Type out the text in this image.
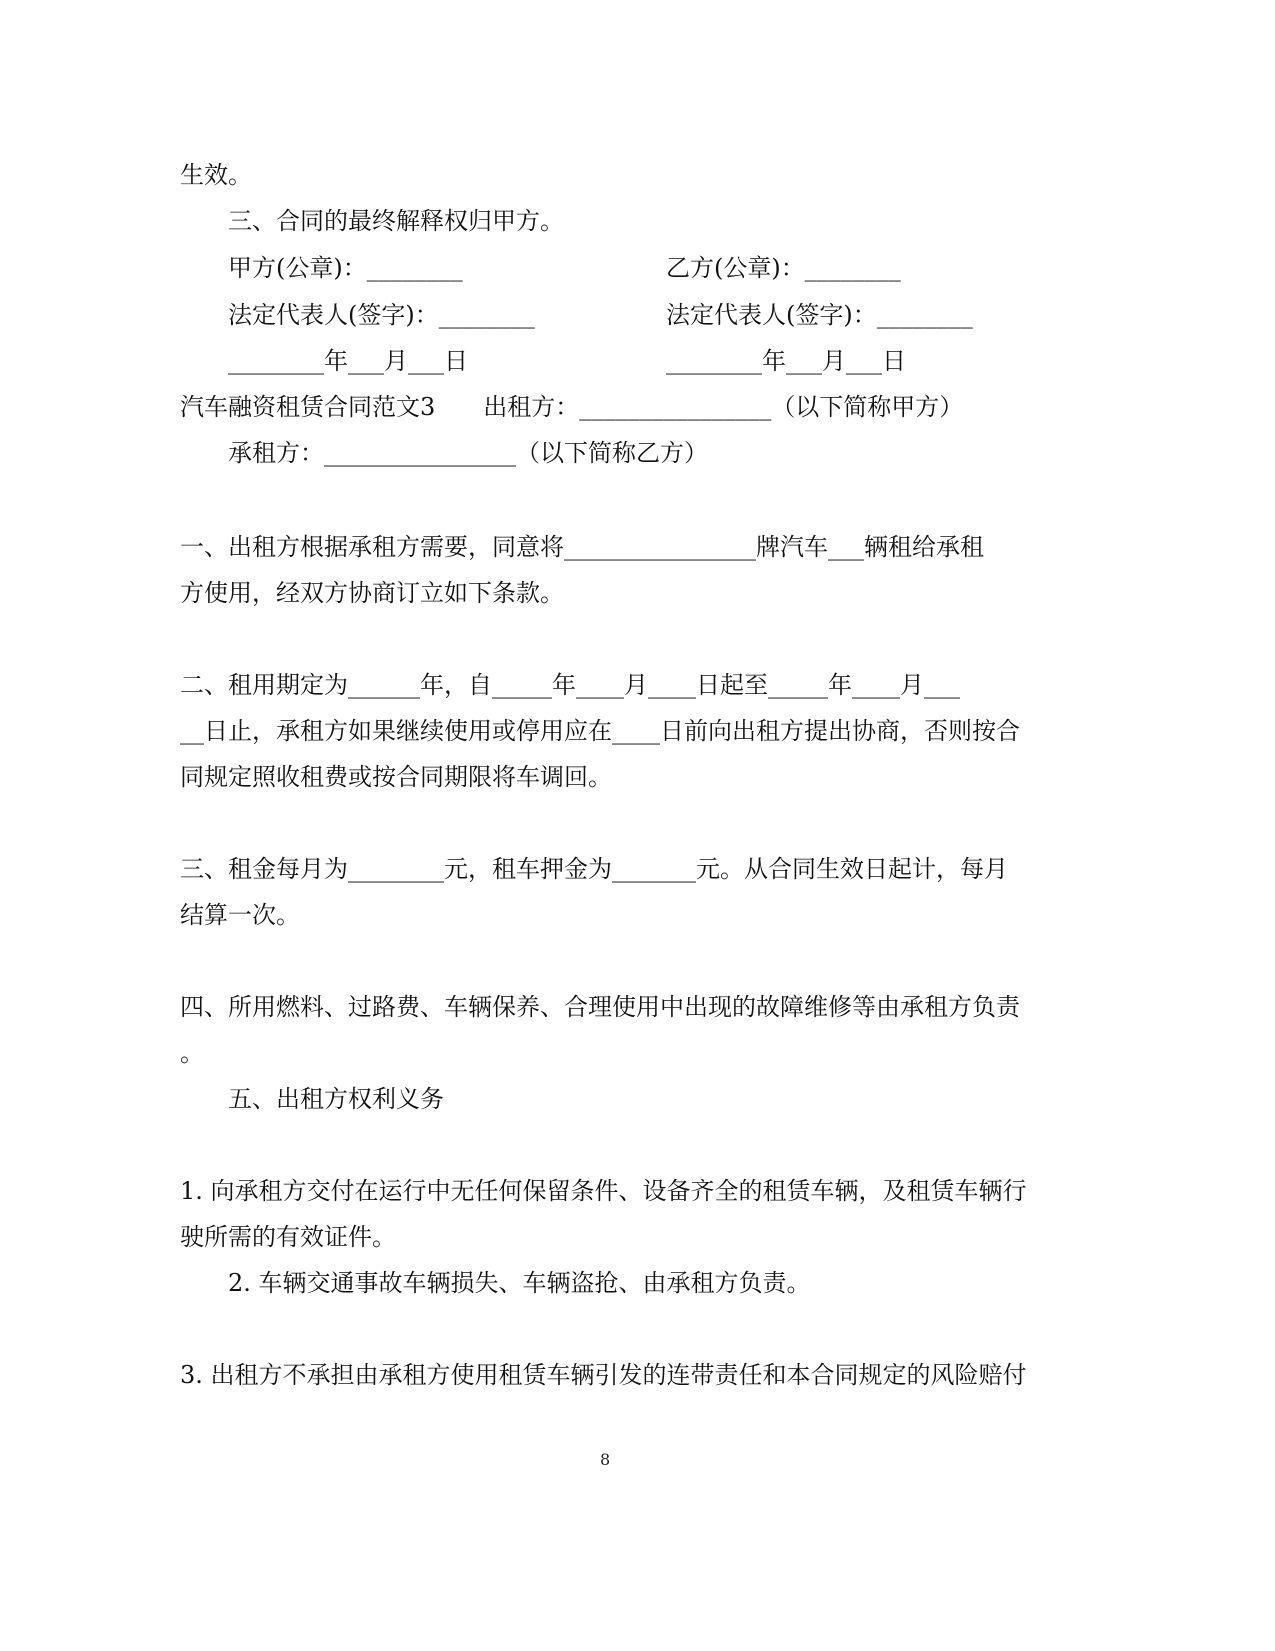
生效。
三、合同的最终解释权归甲方。
甲方(公章)：________	乙方(公章)：________
法定代表人(签字)：________	法定代表人(签字)：________
________年___月___日	________年___月___日
汽车融资租赁合同范文3　　出租方：________________（以下简称甲方）
承租方：________________（以下简称乙方）
一、出租方根据承租方需要，同意将________________牌汽车___辆租给承租
方使用，经双方协商订立如下条款。
二、租用期定为______年，自_____年____月____日起至_____年____月___
__日止，承租方如果继续使用或停用应在____日前向出租方提出协商，否则按合
同规定照收租费或按合同期限将车调回。
三、租金每月为________元，租车押金为_______元。从合同生效日起计，每月
结算一次。
四、所用燃料、过路费、车辆保养、合理使用中出现的故障维修等由承租方负责
。
五、出租方权利义务
1. 向承租方交付在运行中无任何保留条件、设备齐全的租赁车辆，及租赁车辆行
驶所需的有效证件。
2. 车辆交通事故车辆损失、车辆盗抢、由承租方负责。
3. 出租方不承担由承租方使用租赁车辆引发的连带责任和本合同规定的风险赔付
8
